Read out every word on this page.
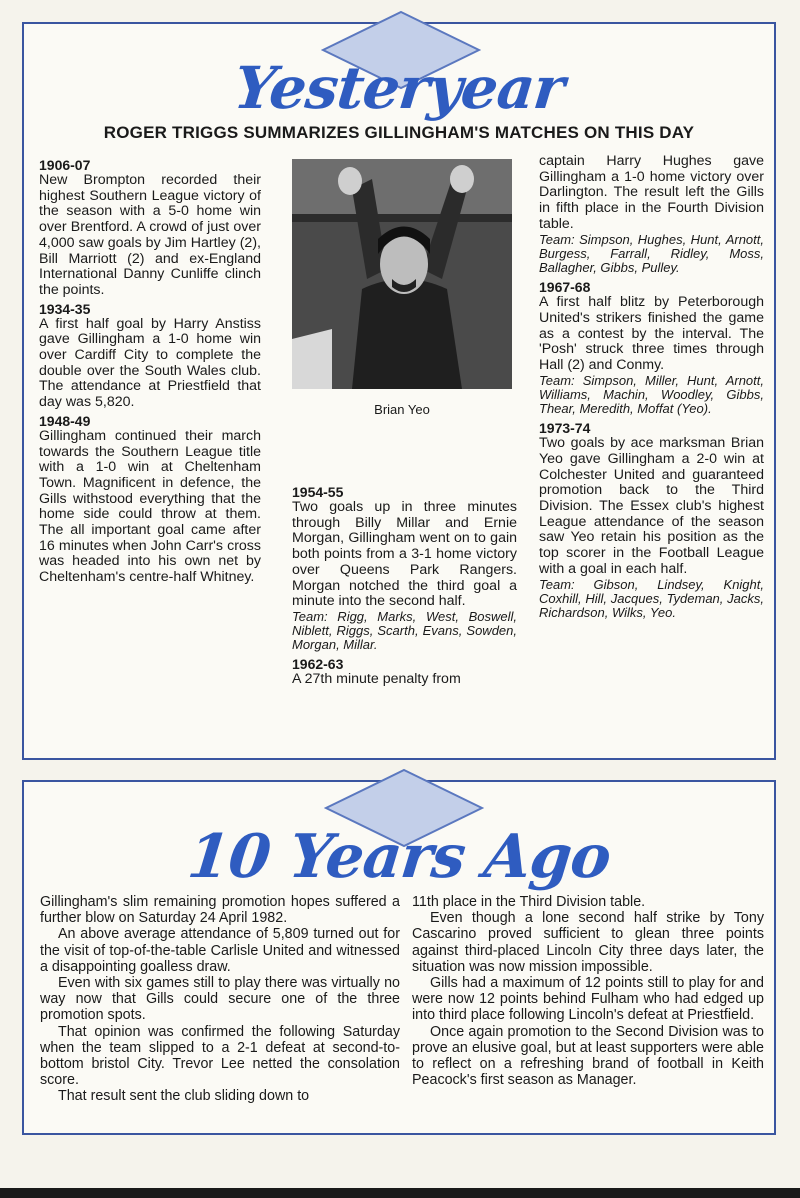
Yesteryear
ROGER TRIGGS SUMMARIZES GILLINGHAM'S MATCHES ON THIS DAY

1906-07

New Brompton recorded their highest Southern League victory of the season with a 5-0 home win over Brentford. A crowd of just over 4,000 saw goals by Jim Hartley (2), Bill Marriott (2) and ex-England International Danny Cunliffe clinch the points.

1934-35

A first half goal by Harry Anstiss gave Gillingham a 1-0 home win over Cardiff City to complete the double over the South Wales club. The attendance at Priestfield that day was 5,820.

1948-49

Gillingham continued their march towards the Southern League title with a 1-0 win at Cheltenham Town. Magnificent in defence, the Gills withstood everything that the home side could throw at them. The all important goal came after 16 minutes when John Carr's cross was headed into his own net by Cheltenham's centre-half Whitney.

Brian Yeo

1954-55

Two goals up in three minutes through Billy Millar and Ernie Morgan, Gillingham went on to gain both points from a 3-1 home victory over Queens Park Rangers. Morgan notched the third goal a minute into the second half.

Team: Rigg, Marks, West, Boswell, Niblett, Riggs, Scarth, Evans, Sowden, Morgan, Millar.

1962-63

A 27th minute penalty from

captain Harry Hughes gave Gillingham a 1-0 home victory over Darlington. The result left the Gills in fifth place in the Fourth Division table.

Team: Simpson, Hughes, Hunt, Arnott, Burgess, Farrall, Ridley, Moss, Ballagher, Gibbs, Pulley.

1967-68

A first half blitz by Peterborough United's strikers finished the game as a contest by the interval. The 'Posh' struck three times through Hall (2) and Conmy.

Team: Simpson, Miller, Hunt, Arnott, Williams, Machin, Woodley, Gibbs, Thear, Meredith, Moffat (Yeo).

1973-74

Two goals by ace marksman Brian Yeo gave Gillingham a 2-0 win at Colchester United and guaranteed promotion back to the Third Division. The Essex club's highest League attendance of the season saw Yeo retain his position as the top scorer in the Football League with a goal in each half.

Team: Gibson, Lindsey, Knight, Coxhill, Hill, Jacques, Tydeman, Jacks, Richardson, Wilks, Yeo.

10 Years Ago

Gillingham's slim remaining promotion hopes suffered a further blow on Saturday 24 April 1982.

An above average attendance of 5,809 turned out for the visit of top-of-the-table Carlisle United and witnessed a disappointing goalless draw.

Even with six games still to play there was virtually no way now that Gills could secure one of the three promotion spots.

That opinion was confirmed the following Saturday when the team slipped to a 2-1 defeat at second-to-bottom bristol City. Trevor Lee netted the consolation score.

That result sent the club sliding down to

11th place in the Third Division table.

Even though a lone second half strike by Tony Cascarino proved sufficient to glean three points against third-placed Lincoln City three days later, the situation was now mission impossible.

Gills had a maximum of 12 points still to play for and were now 12 points behind Fulham who had edged up into third place following Lincoln's defeat at Priestfield.

Once again promotion to the Second Division was to prove an elusive goal, but at least supporters were able to reflect on a refreshing brand of football in Keith Peacock's first season as Manager.
